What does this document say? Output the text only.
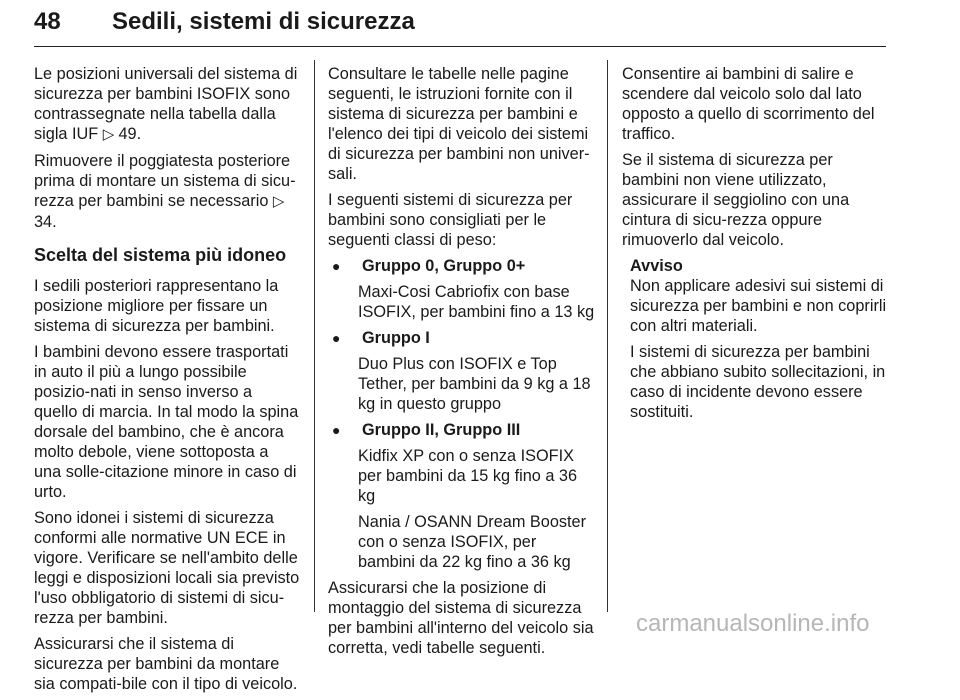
48 Sedili, sistemi di sicurezza

Le posizioni universali del sistema di sicurezza per bambini ISOFIX sono contrassegnate nella tabella dalla sigla IUF ▷ 49.

Rimuovere il poggiatesta posteriore prima di montare un sistema di sicu-rezza per bambini se necessario ▷ 34.

Scelta del sistema più idoneo

I sedili posteriori rappresentano la posizione migliore per fissare un sistema di sicurezza per bambini.

I bambini devono essere trasportati in auto il più a lungo possibile posizio-nati in senso inverso a quello di marcia. In tal modo la spina dorsale del bambino, che è ancora molto debole, viene sottoposta a una solle-citazione minore in caso di urto.

Sono idonei i sistemi di sicurezza conformi alle normative UN ECE in vigore. Verificare se nell'ambito delle leggi e disposizioni locali sia previsto l'uso obbligatorio di sistemi di sicu-rezza per bambini.

Assicurarsi che il sistema di sicurezza per bambini da montare sia compati-bile con il tipo di veicolo.

Consultare le tabelle nelle pagine seguenti, le istruzioni fornite con il sistema di sicurezza per bambini e l'elenco dei tipi di veicolo dei sistemi di sicurezza per bambini non univer-sali.

I seguenti sistemi di sicurezza per bambini sono consigliati per le seguenti classi di peso:

●	Gruppo 0, Gruppo 0+

Maxi-Cosi Cabriofix con base ISOFIX, per bambini fino a 13 kg

●	Gruppo I

Duo Plus con ISOFIX e Top Tether, per bambini da 9 kg a 18 kg in questo gruppo

●	Gruppo II, Gruppo III

Kidfix XP con o senza ISOFIX per bambini da 15 kg fino a 36 kg

Nania / OSANN Dream Booster con o senza ISOFIX, per bambini da 22 kg fino a 36 kg

Assicurarsi che la posizione di montaggio del sistema di sicurezza per bambini all'interno del veicolo sia corretta, vedi tabelle seguenti.

Consentire ai bambini di salire e scendere dal veicolo solo dal lato opposto a quello di scorrimento del traffico.

Se il sistema di sicurezza per bambini non viene utilizzato, assicurare il seggiolino con una cintura di sicu-rezza oppure rimuoverlo dal veicolo.

Avviso

Non applicare adesivi sui sistemi di sicurezza per bambini e non coprirli con altri materiali.

I sistemi di sicurezza per bambini che abbiano subito sollecitazioni, in caso di incidente devono essere sostituiti.

carmanualsonline.info
